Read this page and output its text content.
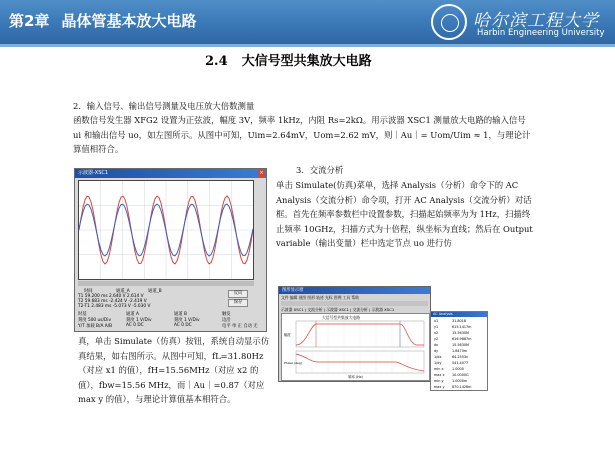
第2章 晶体管基本放大电路	哈尔滨工程大学
Harbin Engineering University
2.4 大信号型共集放大电路
2．输入信号、输出信号测量及电压放大倍数测量
函数信号发生器 XFG2 设置为正弦波，幅度 3V，频率 1kHz，内阻 Rs=2kΩ。用示波器 XSC1 测量放大电路的输入信号 ui 和输出信号 uo，如左图所示。从图中可知，Uim=2.64mV，Uom=2.62 mV，则｜Au｜= Uom/Uim ≈ 1，与理论计算值相符合。
3．交流分析
单击 Simulate(仿真)菜单，选择 Analysis（分析）命令下的 AC Analysis（交流分析）命令项，打开 AC Analysis（交流分析）对话框。首先在频率参数栏中设置参数，扫描起始频率为为 1Hz，扫描终止频率 10GHz，扫描方式为十倍程，纵坐标为直线；然后在 Output variable（输出变量）栏中选定节点 uo 进行仿
真，单击 Simulate（仿真）按钮，系统自动显示仿真结果，如右图所示。从图中可知，fL=31.80Hz（对应 x1 的值），fH=15.56MHz（对应 x2 的值），fbw=15.56 MHz，而｜Au｜=0.87（对应 max y 的值），与理论计算值基本相符合。
示波器-XSC1	×
时间	通道_A	通道_B
T1 59.200 ms 2.640 V 2.614 V
T2 59.683 ms -2.424 V -2.419 V
T2-T1 2.483 ms -5.073 V -5.030 V
反向
保存
时基	通道 A	通道 B	触发
刻度 500 us/Div	刻度 1 V/Div	刻度 1 V/Div	边沿
Y/T 加载 B/A A/B	AC 0 DC	AC 0 DC	电平 单 正 自动 无
图形显示窗
文件 编辑 视图 图形 轨迹 光标 图例 工具 帮助
示波器 XSC1 | 交流分析 | 示波器 XSC1 | 交流分析 | 示波器 XSC1
大信号型共集放大电路
幅度
Phase (deg)
频率 (Hz)
AC Analysis
x1	31.8018
y1	615.1417m
x2	15.5630M
y2	616.9887m
dx	15.5630M
dy	1.8470m
1/dx	64.2553n
1/dy	541.4077
min x	1.0000
max x 10.0000G
min y	1.0000m
max y 870.1426m
